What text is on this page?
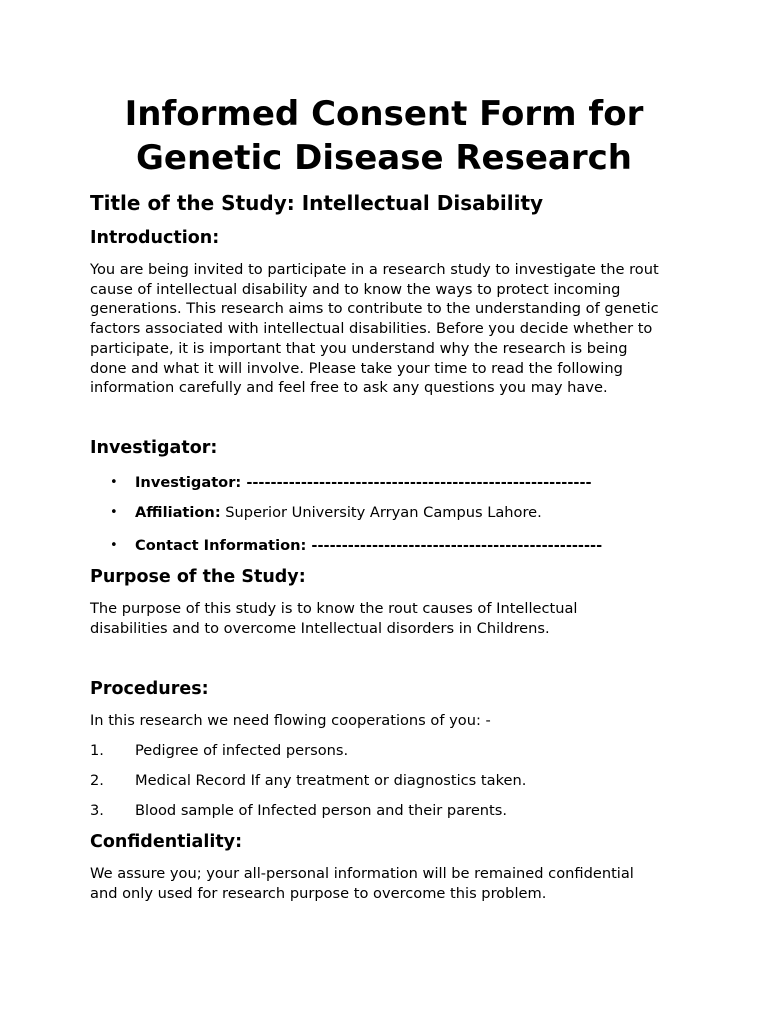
Informed Consent Form for
Genetic Disease Research
Title of the Study: Intellectual Disability
Introduction:

You are being invited to participate in a research study to investigate the rout
cause of intellectual disability and to know the ways to protect incoming
generations. This research aims to contribute to the understanding of genetic
factors associated with intellectual disabilities. Before you decide whether to
participate, it is important that you understand why the research is being
done and what it will involve. Please take your time to read the following
information carefully and feel free to ask any questions you may have.

Investigator:
• Investigator: ---------------------------------------------------------
• Affiliation: Superior University Arryan Campus Lahore.
• Contact Information: ------------------------------------------------
Purpose of the Study:

The purpose of this study is to know the rout causes of Intellectual
disabilities and to overcome Intellectual disorders in Childrens.

Procedures:

In this research we need flowing cooperations of you: -

1. Pedigree of infected persons.
2. Medical Record If any treatment or diagnostics taken.
3. Blood sample of Infected person and their parents.
Confidentiality:

We assure you; your all-personal information will be remained confidential
and only used for research purpose to overcome this problem.
